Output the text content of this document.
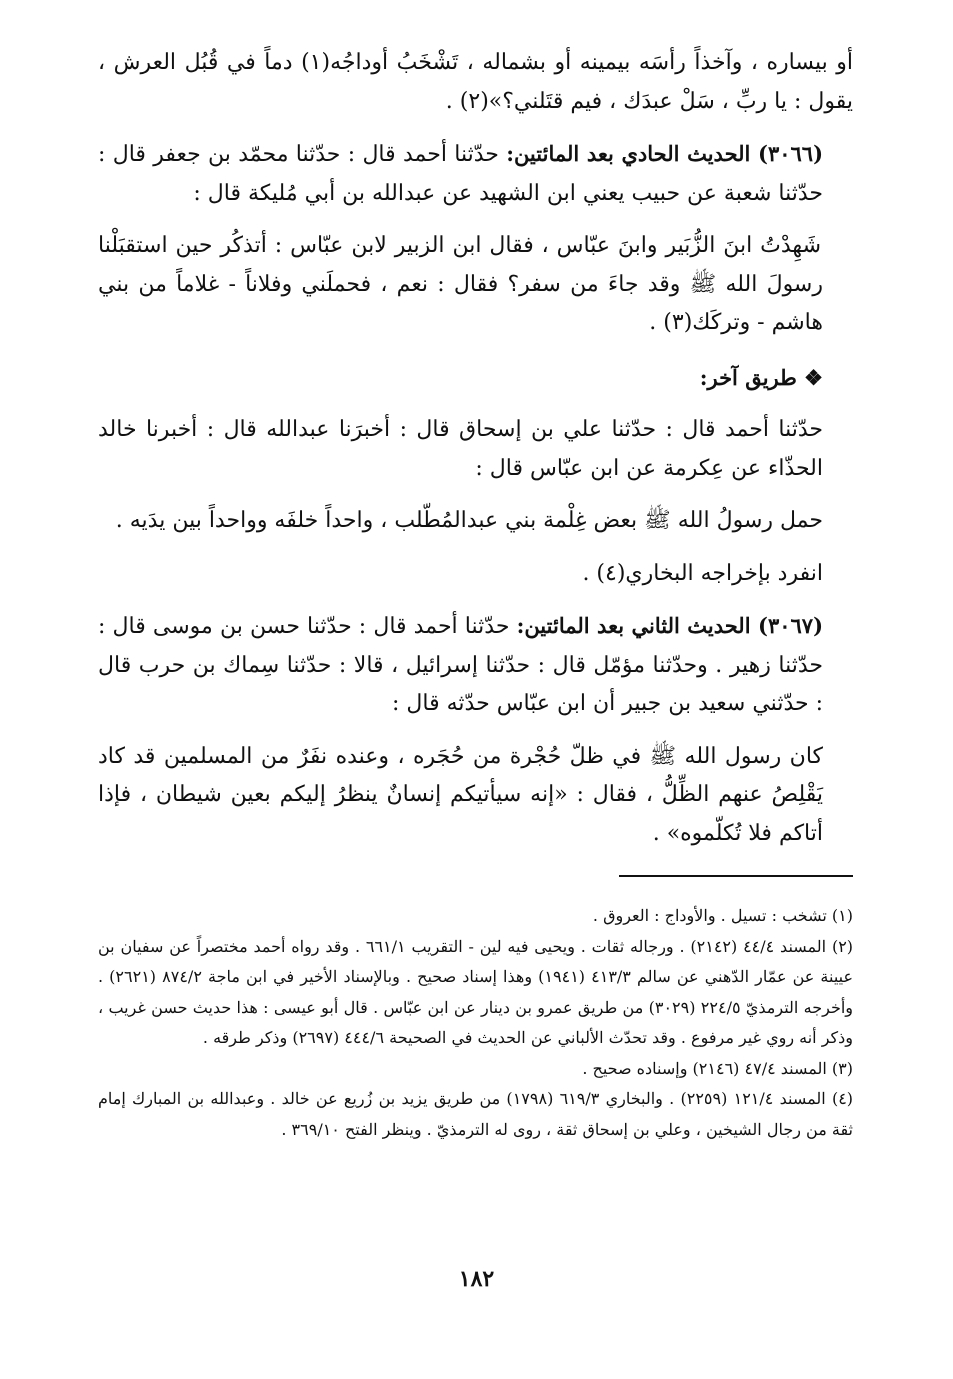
أو بيساره ، وآخذاً رأسَه بيمينه أو بشماله ، تَشْخَبُ أوداجُه(١) دماً في قُبُل العرش ، يقول : يا ربِّ ، سَلْ عبدَك ، فيم قتَلني؟»(٢) .

(٣٠٦٦) الحديث الحادي بعد المائتين: حدّثنا أحمد قال : حدّثنا محمّد بن جعفر قال : حدّثنا شعبة عن حبيب يعني ابن الشهيد عن عبدالله بن أبي مُليكة قال :

شَهِدْتُ ابنَ الزُّبَير وابنَ عبّاس ، فقال ابن الزبير لابن عبّاس : أتذكُر حين استقبَلْنا رسولَ الله ﷺ وقد جاءَ من سفر؟ فقال : نعم ، فحملَني وفلاناً - غلاماً من بني هاشم - وتركَك(٣) .

❖ طريق آخر:

حدّثنا أحمد قال : حدّثنا علي بن إسحاق قال : أخبرَنا عبدالله قال : أخبرنا خالد الحذّاء عن عِكرمة عن ابن عبّاس قال :

حمل رسولُ الله ﷺ بعض غِلْمة بني عبدالمُطّلب ، واحداً خلفَه وواحداً بين يدَيه .

انفرد بإخراجه البخاري(٤) .

(٣٠٦٧) الحديث الثاني بعد المائتين: حدّثنا أحمد قال : حدّثنا حسن بن موسى قال : حدّثنا زهير . وحدّثنا مؤمّل قال : حدّثنا إسرائيل ، قالا : حدّثنا سِماك بن حرب قال : حدّثني سعيد بن جبير أن ابن عبّاس حدّثه قال :

كان رسول الله ﷺ في ظلّ حُجْرة من حُجَره ، وعنده نفَرٌ من المسلمين قد كاد يَقْلِصُ عنهم الظِّلُّ ، فقال : «إنه سيأتيكم إنسانٌ ينظرُ إليكم بعين شيطان ، فإذا أتاكم فلا تُكلّموه» .

(١) تشخب : تسيل . والأوداج : العروق .

(٢) المسند ٤٤/٤ (٢١٤٢) . ورجاله ثقات . ويحيى فيه لين - التقريب ٦٦١/١ . وقد رواه أحمد مختصراً عن سفيان بن عيينة عن عمّار الدّهني عن سالم ٤١٣/٣ (١٩٤١) وهذا إسناد صحيح . وبالإسناد الأخير في ابن ماجة ٨٧٤/٢ (٢٦٢١) . وأخرجه الترمذيّ ٢٢٤/٥ (٣٠٢٩) من طريق عمرو بن دينار عن ابن عبّاس . قال أبو عيسى : هذا حديث حسن غريب ، وذكر أنه روي غير مرفوع . وقد تحدّث الألباني عن الحديث في الصحيحة ٤٤٤/٦ (٢٦٩٧) وذكر طرقه .

(٣) المسند ٤٧/٤ (٢١٤٦) وإسناده صحيح .

(٤) المسند ١٢١/٤ (٢٢٥٩) . والبخاري ٦١٩/٣ (١٧٩٨) من طريق يزيد بن زُريع عن خالد . وعبدالله بن المبارك إمام ثقة من رجال الشيخين ، وعلي بن إسحاق ثقة ، روى له الترمذيّ . وينظر الفتح ٣٦٩/١٠ .

١٨٢
